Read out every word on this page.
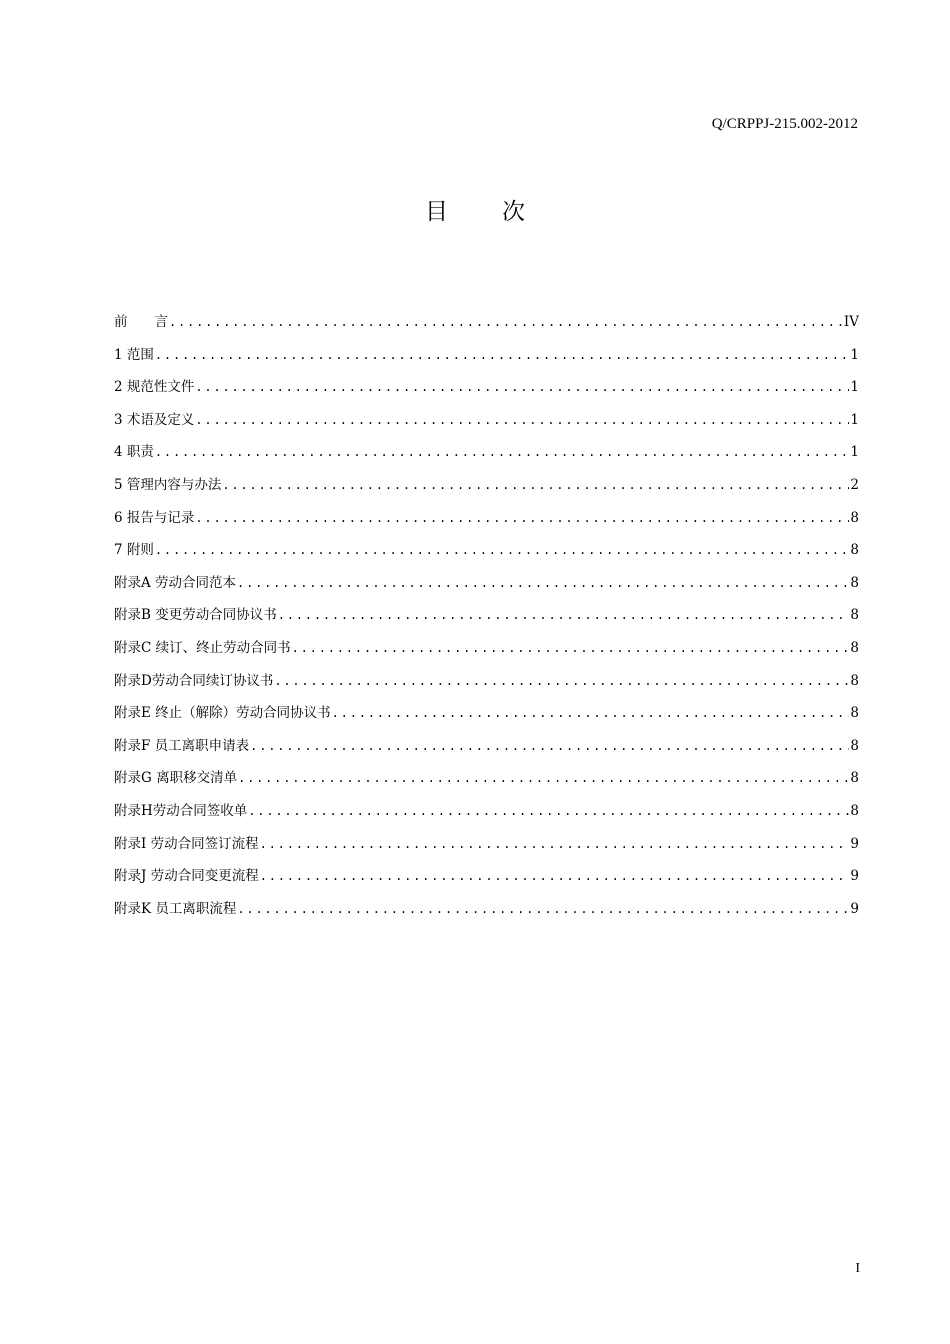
Q/CRPPJ-215.002-2012
目次
前　　言 .....	IV
1 范围 .....	1
2 规范性文件 .....	1
3 术语及定义 .....	1
4 职责 .....	1
5 管理内容与办法 .....	2
6 报告与记录 .....	8
7 附则 .....	8
附录A 劳动合同范本 .....	8
附录B 变更劳动合同协议书 .....	8
附录C 续订、终止劳动合同书 .....	8
附录D劳动合同续订协议书 .....	8
附录E 终止（解除）劳动合同协议书 .....	8
附录F 员工离职申请表 .....	8
附录G 离职移交清单 .....	8
附录H劳动合同签收单 .....	8
附录I 劳动合同签订流程 .....	9
附录J 劳动合同变更流程 .....	9
附录K 员工离职流程 .....	9
I
